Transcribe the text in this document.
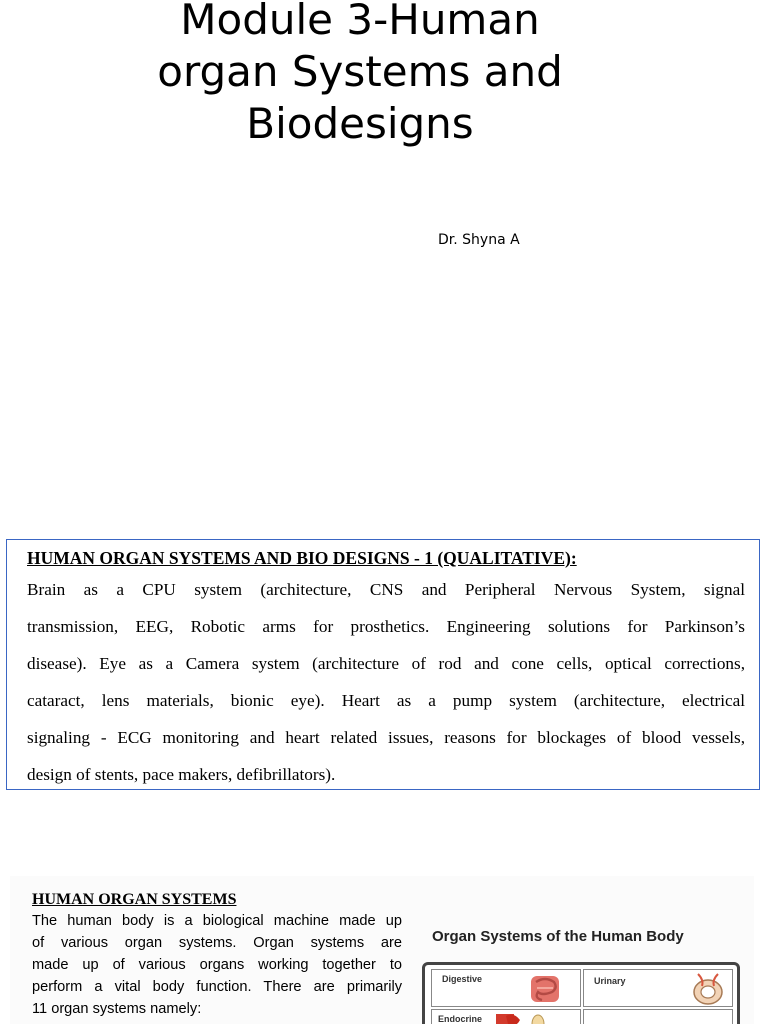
Module 3-Human
organ Systems and
Biodesigns
Dr. Shyna A
HUMAN ORGAN SYSTEMS AND BIO DESIGNS - 1 (QUALITATIVE):
Brain as a CPU system (architecture, CNS and Peripheral Nervous System, signal
transmission, EEG, Robotic arms for prosthetics. Engineering solutions for Parkinson’s
disease). Eye as a Camera system (architecture of rod and cone cells, optical corrections,
cataract, lens materials, bionic eye). Heart as a pump system (architecture, electrical
signaling - ECG monitoring and heart related issues, reasons for blockages of blood vessels,
design of stents, pace makers, defibrillators).
HUMAN ORGAN SYSTEMS
The human body is a biological machine made up
of various organ systems. Organ systems are
made up of various organs working together to
perform a vital body function. There are primarily
11 organ systems namely:
Organ Systems of the Human Body
Digestive	Urinary
Endocrine
